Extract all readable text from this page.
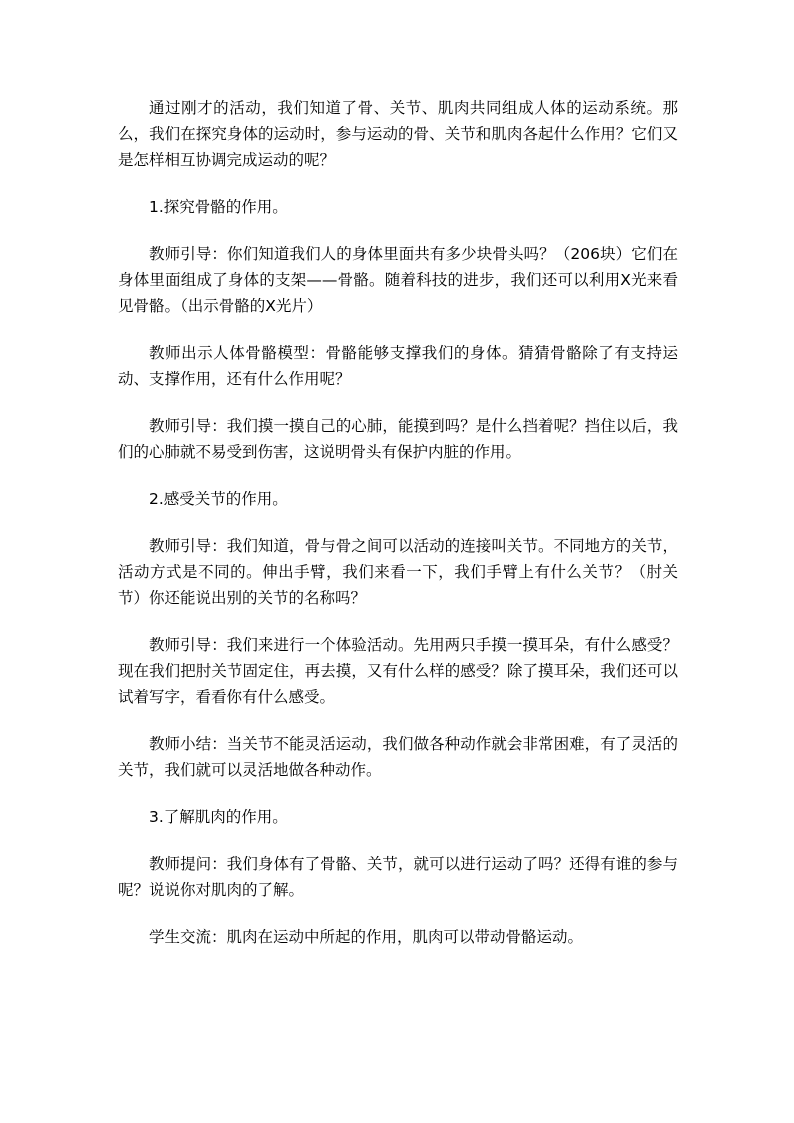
通过刚才的活动，我们知道了骨、关节、肌肉共同组成人体的运动系统。那么，我们在探究身体的运动时，参与运动的骨、关节和肌肉各起什么作用？它们又是怎样相互协调完成运动的呢？

1.探究骨骼的作用。

教师引导：你们知道我们人的身体里面共有多少块骨头吗？（206块）它们在身体里面组成了身体的支架——骨骼。随着科技的进步，我们还可以利用X光来看见骨骼。（出示骨骼的X光片）

教师出示人体骨骼模型：骨骼能够支撑我们的身体。猜猜骨骼除了有支持运动、支撑作用，还有什么作用呢？

教师引导：我们摸一摸自己的心肺，能摸到吗？是什么挡着呢？挡住以后，我们的心肺就不易受到伤害，这说明骨头有保护内脏的作用。

2.感受关节的作用。

教师引导：我们知道，骨与骨之间可以活动的连接叫关节。不同地方的关节，活动方式是不同的。伸出手臂，我们来看一下，我们手臂上有什么关节？（肘关节）你还能说出别的关节的名称吗？

教师引导：我们来进行一个体验活动。先用两只手摸一摸耳朵，有什么感受？现在我们把肘关节固定住，再去摸，又有什么样的感受？除了摸耳朵，我们还可以试着写字，看看你有什么感受。

教师小结：当关节不能灵活运动，我们做各种动作就会非常困难，有了灵活的关节，我们就可以灵活地做各种动作。

3.了解肌肉的作用。

教师提问：我们身体有了骨骼、关节，就可以进行运动了吗？还得有谁的参与呢？说说你对肌肉的了解。

学生交流：肌肉在运动中所起的作用，肌肉可以带动骨骼运动。
